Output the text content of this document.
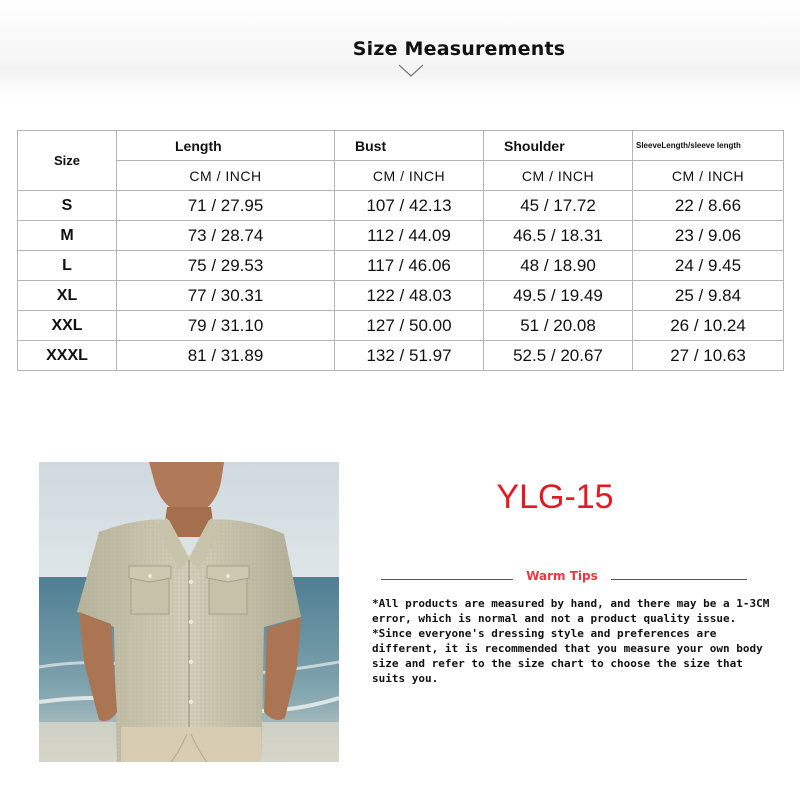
Size Measurements
Size	Length	Bust	Shoulder	SleeveLength/sleeve length
	CM / INCH	CM / INCH	CM / INCH	CM / INCH
S	71 / 27.95	107 / 42.13	45 / 17.72	22 / 8.66
M	73 / 28.74	112 / 44.09	46.5 / 18.31	23 / 9.06
L	75 / 29.53	117 / 46.06	48 / 18.90	24 / 9.45
XL	77 / 30.31	122 / 48.03	49.5 / 19.49	25 / 9.84
XXL	79 / 31.10	127 / 50.00	51 / 20.08	26 / 10.24
XXXL	81 / 31.89	132 / 51.97	52.5 / 20.67	27 / 10.63
YLG-15
Warm Tips

*All products are measured by hand, and there may be a 1-3CM error, which is normal and not a product quality issue. *Since everyone's dressing style and preferences are different, it is recommended that you measure your own body size and refer to the size chart to choose the size that suits you.
